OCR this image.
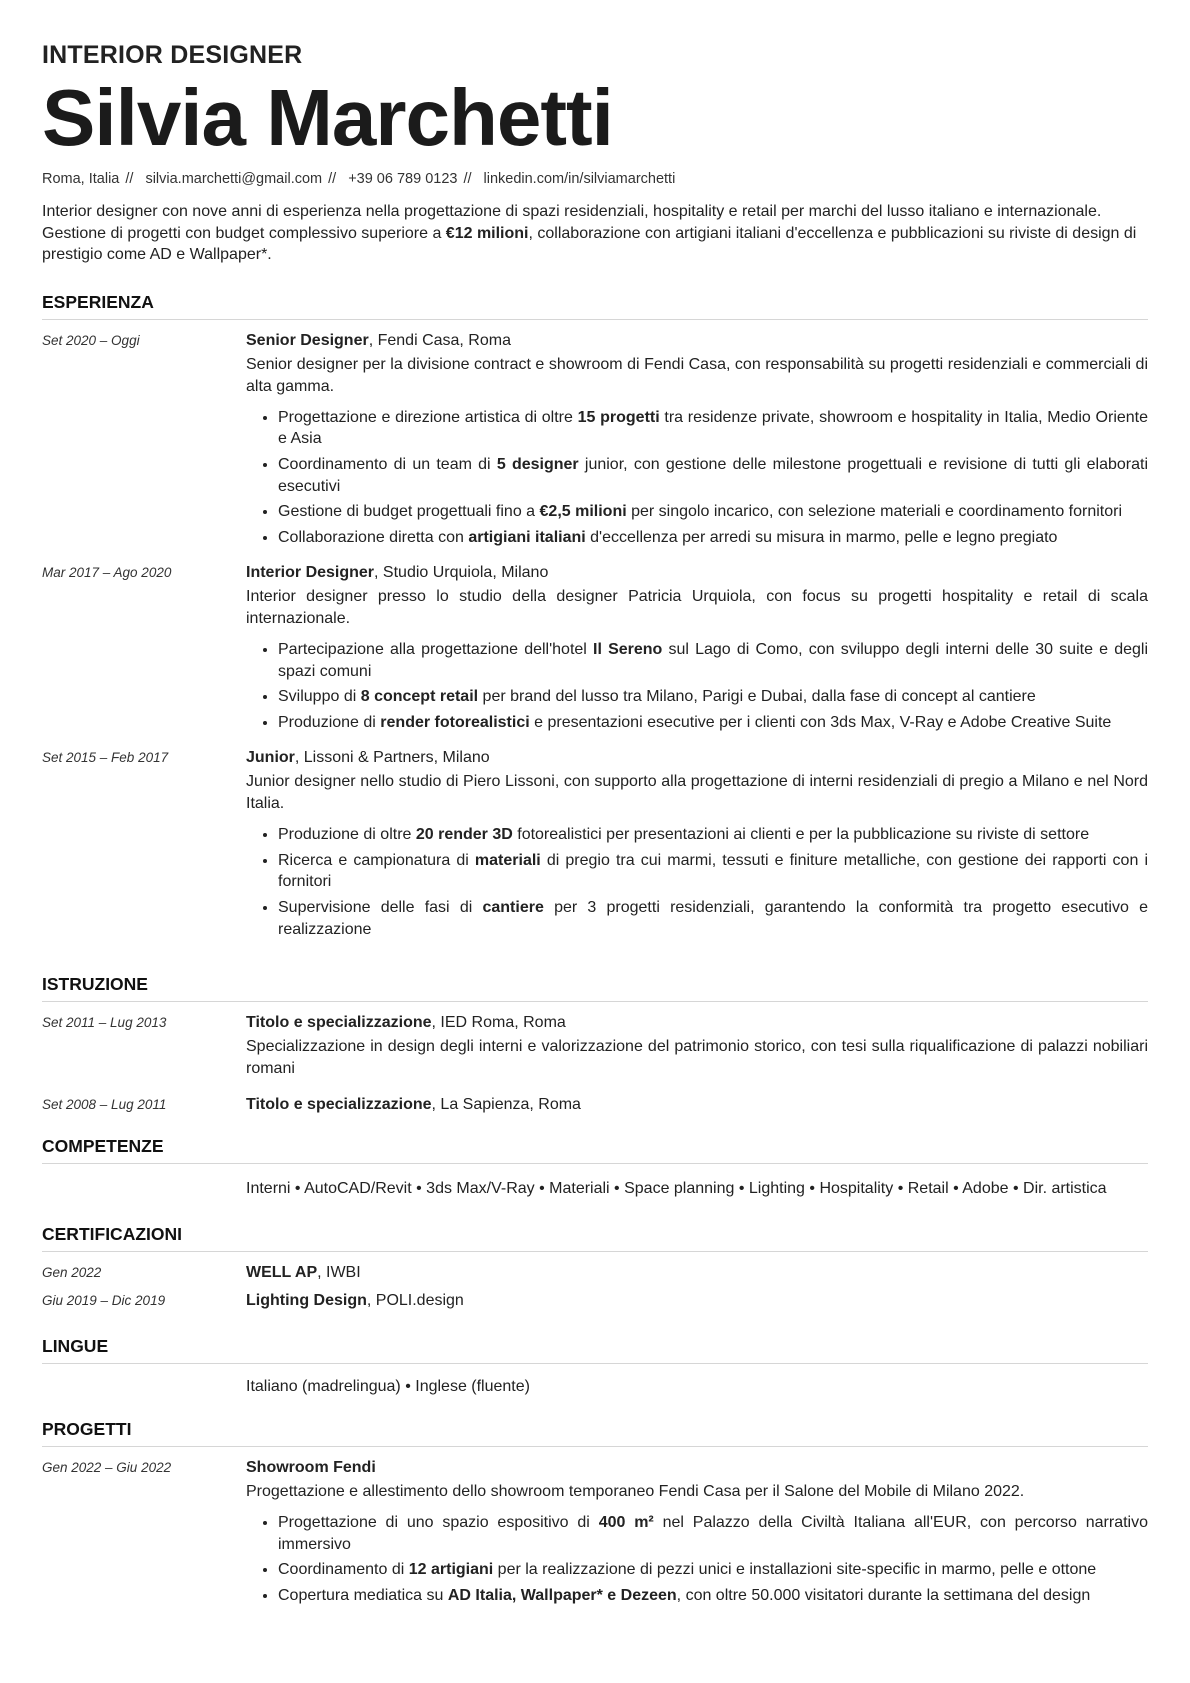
INTERIOR DESIGNER
Silvia Marchetti
Roma, Italia // silvia.marchetti@gmail.com // +39 06 789 0123 // linkedin.com/in/silviamarchetti
Interior designer con nove anni di esperienza nella progettazione di spazi residenziali, hospitality e retail per marchi del lusso italiano e internazionale. Gestione di progetti con budget complessivo superiore a €12 milioni, collaborazione con artigiani italiani d'eccellenza e pubblicazioni su riviste di design di prestigio come AD e Wallpaper*.
ESPERIENZA
Set 2020 – Oggi	Senior Designer, Fendi Casa, Roma
Senior designer per la divisione contract e showroom di Fendi Casa, con responsabilità su progetti residenziali e commerciali di alta gamma.
• Progettazione e direzione artistica di oltre 15 progetti tra residenze private, showroom e hospitality in Italia, Medio Oriente e Asia
• Coordinamento di un team di 5 designer junior, con gestione delle milestone progettuali e revisione di tutti gli elaborati esecutivi
• Gestione di budget progettuali fino a €2,5 milioni per singolo incarico, con selezione materiali e coordinamento fornitori
• Collaborazione diretta con artigiani italiani d'eccellenza per arredi su misura in marmo, pelle e legno pregiato
Mar 2017 – Ago 2020	Interior Designer, Studio Urquiola, Milano
Interior designer presso lo studio della designer Patricia Urquiola, con focus su progetti hospitality e retail di scala internazionale.
• Partecipazione alla progettazione dell'hotel Il Sereno sul Lago di Como, con sviluppo degli interni delle 30 suite e degli spazi comuni
• Sviluppo di 8 concept retail per brand del lusso tra Milano, Parigi e Dubai, dalla fase di concept al cantiere
• Produzione di render fotorealistici e presentazioni esecutive per i clienti con 3ds Max, V-Ray e Adobe Creative Suite
Set 2015 – Feb 2017	Junior, Lissoni & Partners, Milano
Junior designer nello studio di Piero Lissoni, con supporto alla progettazione di interni residenziali di pregio a Milano e nel Nord Italia.
• Produzione di oltre 20 render 3D fotorealistici per presentazioni ai clienti e per la pubblicazione su riviste di settore
• Ricerca e campionatura di materiali di pregio tra cui marmi, tessuti e finiture metalliche, con gestione dei rapporti con i fornitori
• Supervisione delle fasi di cantiere per 3 progetti residenziali, garantendo la conformità tra progetto esecutivo e realizzazione
ISTRUZIONE
Set 2011 – Lug 2013	Titolo e specializzazione, IED Roma, Roma
Specializzazione in design degli interni e valorizzazione del patrimonio storico, con tesi sulla riqualificazione di palazzi nobiliari romani
Set 2008 – Lug 2011	Titolo e specializzazione, La Sapienza, Roma
COMPETENZE
Interni • AutoCAD/Revit • 3ds Max/V-Ray • Materiali • Space planning • Lighting • Hospitality • Retail • Adobe • Dir. artistica
CERTIFICAZIONI
Gen 2022	WELL AP, IWBI
Giu 2019 – Dic 2019	Lighting Design, POLI.design
LINGUE
Italiano (madrelingua) • Inglese (fluente)
PROGETTI
Gen 2022 – Giu 2022	Showroom Fendi
Progettazione e allestimento dello showroom temporaneo Fendi Casa per il Salone del Mobile di Milano 2022.
• Progettazione di uno spazio espositivo di 400 m² nel Palazzo della Civiltà Italiana all'EUR, con percorso narrativo immersivo
• Coordinamento di 12 artigiani per la realizzazione di pezzi unici e installazioni site-specific in marmo, pelle e ottone
• Copertura mediatica su AD Italia, Wallpaper* e Dezeen, con oltre 50.000 visitatori durante la settimana del design
